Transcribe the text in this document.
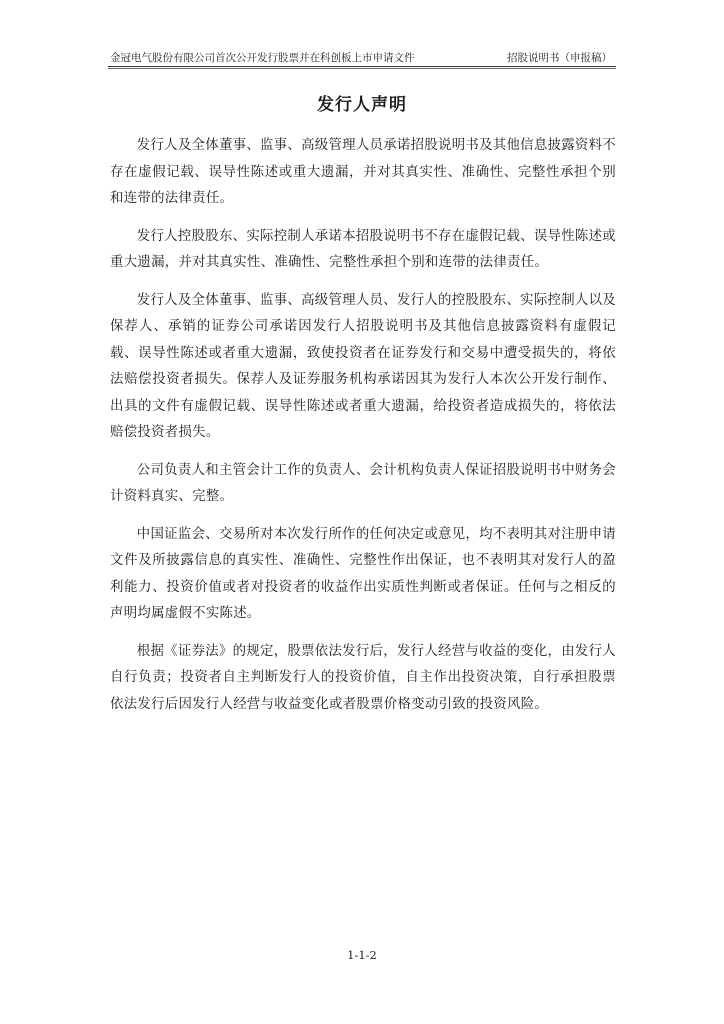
金冠电气股份有限公司首次公开发行股票并在科创板上市申请文件	招股说明书（申报稿）
发行人声明

发行人及全体董事、监事、高级管理人员承诺招股说明书及其他信息披露资料不存在虚假记载、误导性陈述或重大遗漏，并对其真实性、准确性、完整性承担个别和连带的法律责任。

发行人控股股东、实际控制人承诺本招股说明书不存在虚假记载、误导性陈述或重大遗漏，并对其真实性、准确性、完整性承担个别和连带的法律责任。

发行人及全体董事、监事、高级管理人员、发行人的控股股东、实际控制人以及保荐人、承销的证券公司承诺因发行人招股说明书及其他信息披露资料有虚假记载、误导性陈述或者重大遗漏，致使投资者在证券发行和交易中遭受损失的，将依法赔偿投资者损失。保荐人及证券服务机构承诺因其为发行人本次公开发行制作、出具的文件有虚假记载、误导性陈述或者重大遗漏，给投资者造成损失的，将依法赔偿投资者损失。

公司负责人和主管会计工作的负责人、会计机构负责人保证招股说明书中财务会计资料真实、完整。

中国证监会、交易所对本次发行所作的任何决定或意见，均不表明其对注册申请文件及所披露信息的真实性、准确性、完整性作出保证，也不表明其对发行人的盈利能力、投资价值或者对投资者的收益作出实质性判断或者保证。任何与之相反的声明均属虚假不实陈述。

根据《证券法》的规定，股票依法发行后，发行人经营与收益的变化，由发行人自行负责；投资者自主判断发行人的投资价值，自主作出投资决策，自行承担股票依法发行后因发行人经营与收益变化或者股票价格变动引致的投资风险。

1-1-2
